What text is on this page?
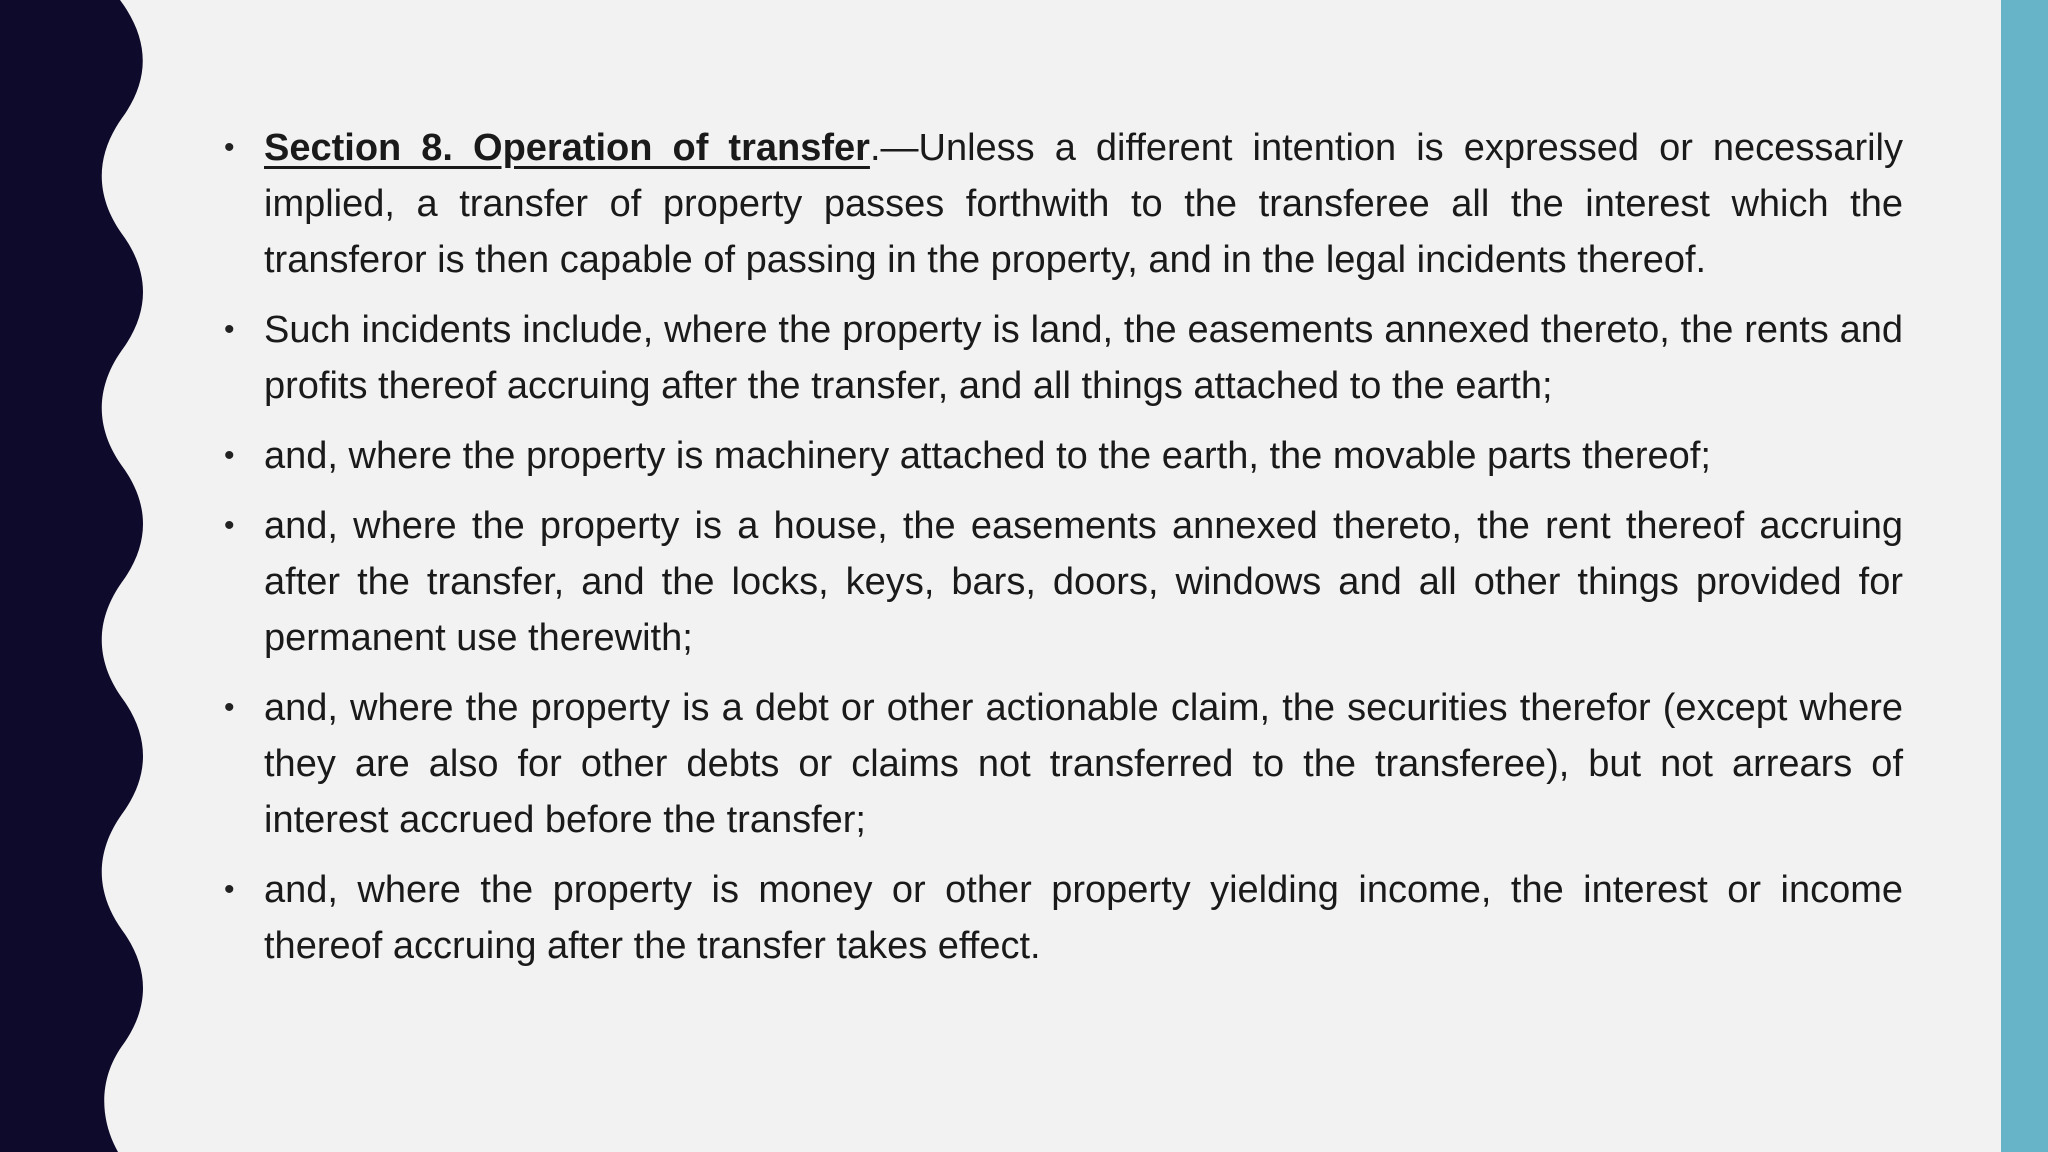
• Section 8. Operation of transfer.—Unless a different intention is expressed or necessarily implied, a transfer of property passes forthwith to the transferee all the interest which the transferor is then capable of passing in the property, and in the legal incidents thereof.
• Such incidents include, where the property is land, the easements annexed thereto, the rents and profits thereof accruing after the transfer, and all things attached to the earth;
• and, where the property is machinery attached to the earth, the movable parts thereof;
• and, where the property is a house, the easements annexed thereto, the rent thereof accruing after the transfer, and the locks, keys, bars, doors, windows and all other things provided for permanent use therewith;
• and, where the property is a debt or other actionable claim, the securities therefor (except where they are also for other debts or claims not transferred to the transferee), but not arrears of interest accrued before the transfer;
• and, where the property is money or other property yielding income, the interest or income thereof accruing after the transfer takes effect.
